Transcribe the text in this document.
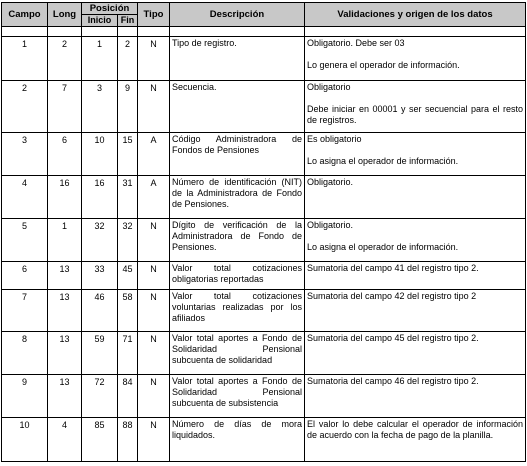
Campo	Long	Posición		Tipo	Descripción	Validaciones y origen de los datos
		Inicio	Fin			

1	2	1	2	N	Tipo de registro.	Obligatorio. Debe ser 03

Lo genera el operador de información.
2	7	3	9	N	Secuencia.	Obligatorio

Debe iniciar en 00001 y ser secuencial para el resto de registros.
3	6	10	15	A	Código Administradora de Fondos de Pensiones	Es obligatorio

Lo asigna el operador de información.
4	16	16	31	A	Número de identificación (NIT) de la Administradora de Fondo de Pensiones.	Obligatorio.
5	1	32	32	N	Dígito de verificación de la Administradora de Fondo de Pensiones.	Obligatorio.

Lo asigna el operador de información.
6	13	33	45	N	Valor total cotizaciones obligatorias reportadas	Sumatoria del campo 41 del registro tipo 2.
7	13	46	58	N	Valor total cotizaciones voluntarias realizadas por los afiliados	Sumatoria del campo 42 del registro tipo 2
8	13	59	71	N	Valor total aportes a Fondo de Solidaridad Pensional subcuenta de solidaridad	Sumatoria del campo 45 del registro tipo 2.
9	13	72	84	N	Valor total aportes a Fondo de Solidaridad Pensional subcuenta de subsistencia	Sumatoria del campo 46 del registro tipo 2.
10	4	85	88	N	Número de días de mora liquidados.	El valor lo debe calcular el operador de información de acuerdo con la fecha de pago de la planilla.
